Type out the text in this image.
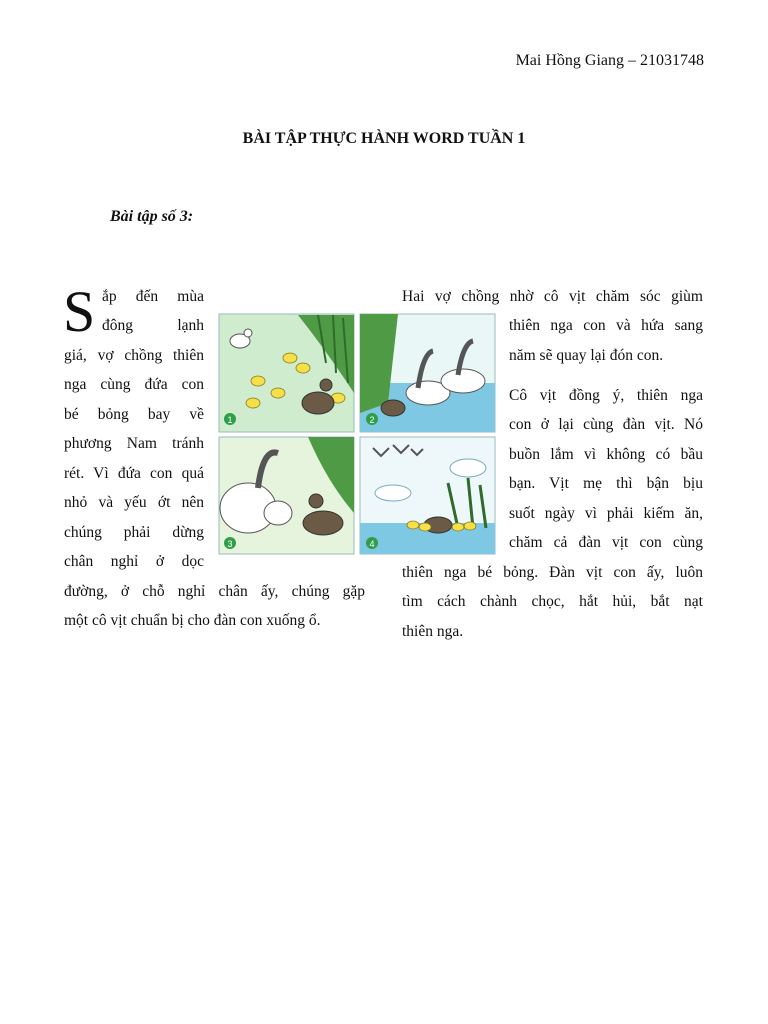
Mai Hồng Giang – 21031748
BÀI TẬP THỰC HÀNH WORD TUẦN 1
Bài tập số 3:
S ắp đến mùa
đông lạnh
giá, vợ chồng thiên
nga cùng đứa con
bé bỏng bay về
phương Nam tránh
rét. Vì đứa con quá
nhỏ và yếu ớt nên
chúng phải dừng
chân nghỉ ở dọc
đường, ở chỗ nghỉ chân ấy, chúng gặp
một cô vịt chuẩn bị cho đàn con xuống ổ.
1	2
3	4
Hai vợ chồng nhờ cô vịt chăm sóc giùm
thiên nga con và hứa sang
năm sẽ quay lại đón con.
Cô vịt đồng ý, thiên nga
con ở lại cùng đàn vịt. Nó
buồn lắm vì không có bầu
bạn. Vịt mẹ thì bận bịu
suốt ngày vì phải kiếm ăn,
chăm cả đàn vịt con cùng
thiên nga bé bỏng. Đàn vịt con ấy, luôn
tìm cách chành chọc, hắt hủi, bắt nạt
thiên nga.
